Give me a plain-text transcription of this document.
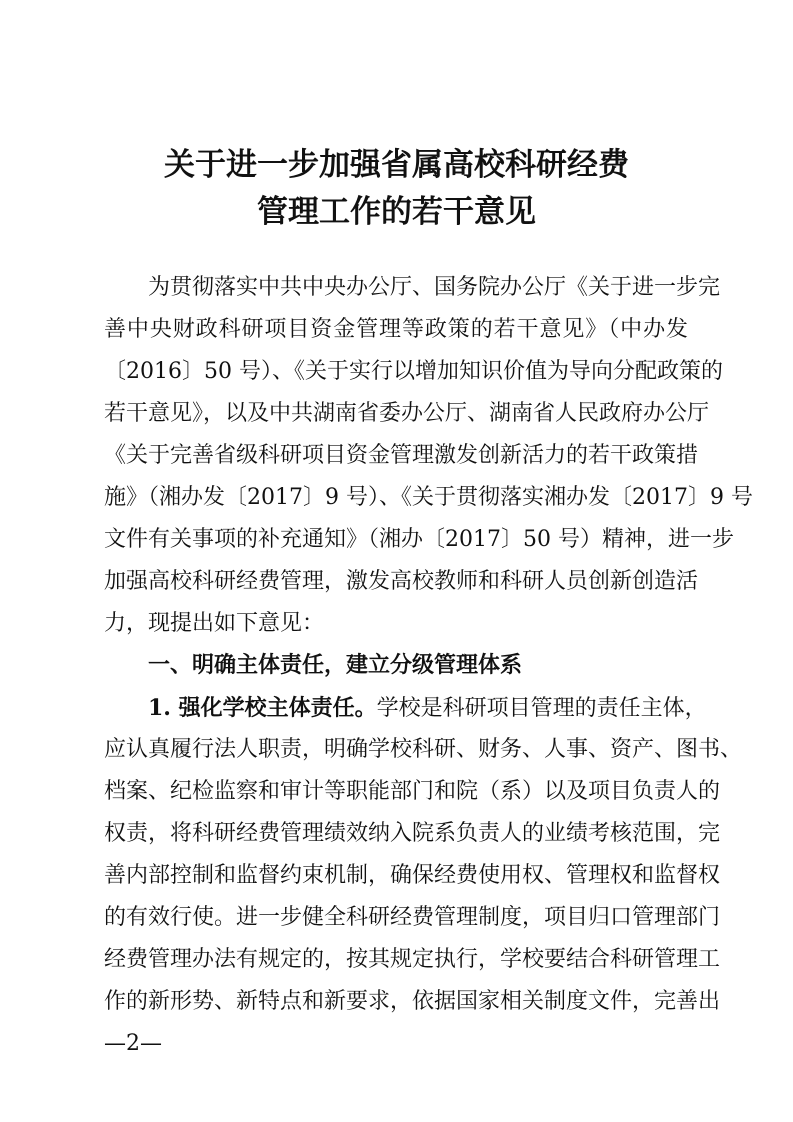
关于进一步加强省属高校科研经费
管理工作的若干意见
为贯彻落实中共中央办公厅、国务院办公厅《关于进一步完
善中央财政科研项目资金管理等政策的若干意见》（中办发
〔2016〕50 号）、《关于实行以增加知识价值为导向分配政策的
若干意见》，以及中共湖南省委办公厅、湖南省人民政府办公厅
《关于完善省级科研项目资金管理激发创新活力的若干政策措
施》（湘办发〔2017〕9 号）、《关于贯彻落实湘办发〔2017〕9 号
文件有关事项的补充通知》（湘办〔2017〕50 号）精神，进一步
加强高校科研经费管理，激发高校教师和科研人员创新创造活
力，现提出如下意见：
一、明确主体责任，建立分级管理体系
1. 强化学校主体责任。学校是科研项目管理的责任主体，
应认真履行法人职责，明确学校科研、财务、人事、资产、图书、
档案、纪检监察和审计等职能部门和院（系）以及项目负责人的
权责，将科研经费管理绩效纳入院系负责人的业绩考核范围，完
善内部控制和监督约束机制，确保经费使用权、管理权和监督权
的有效行使。进一步健全科研经费管理制度，项目归口管理部门
经费管理办法有规定的，按其规定执行，学校要结合科研管理工
作的新形势、新特点和新要求，依据国家相关制度文件，完善出
—2—
